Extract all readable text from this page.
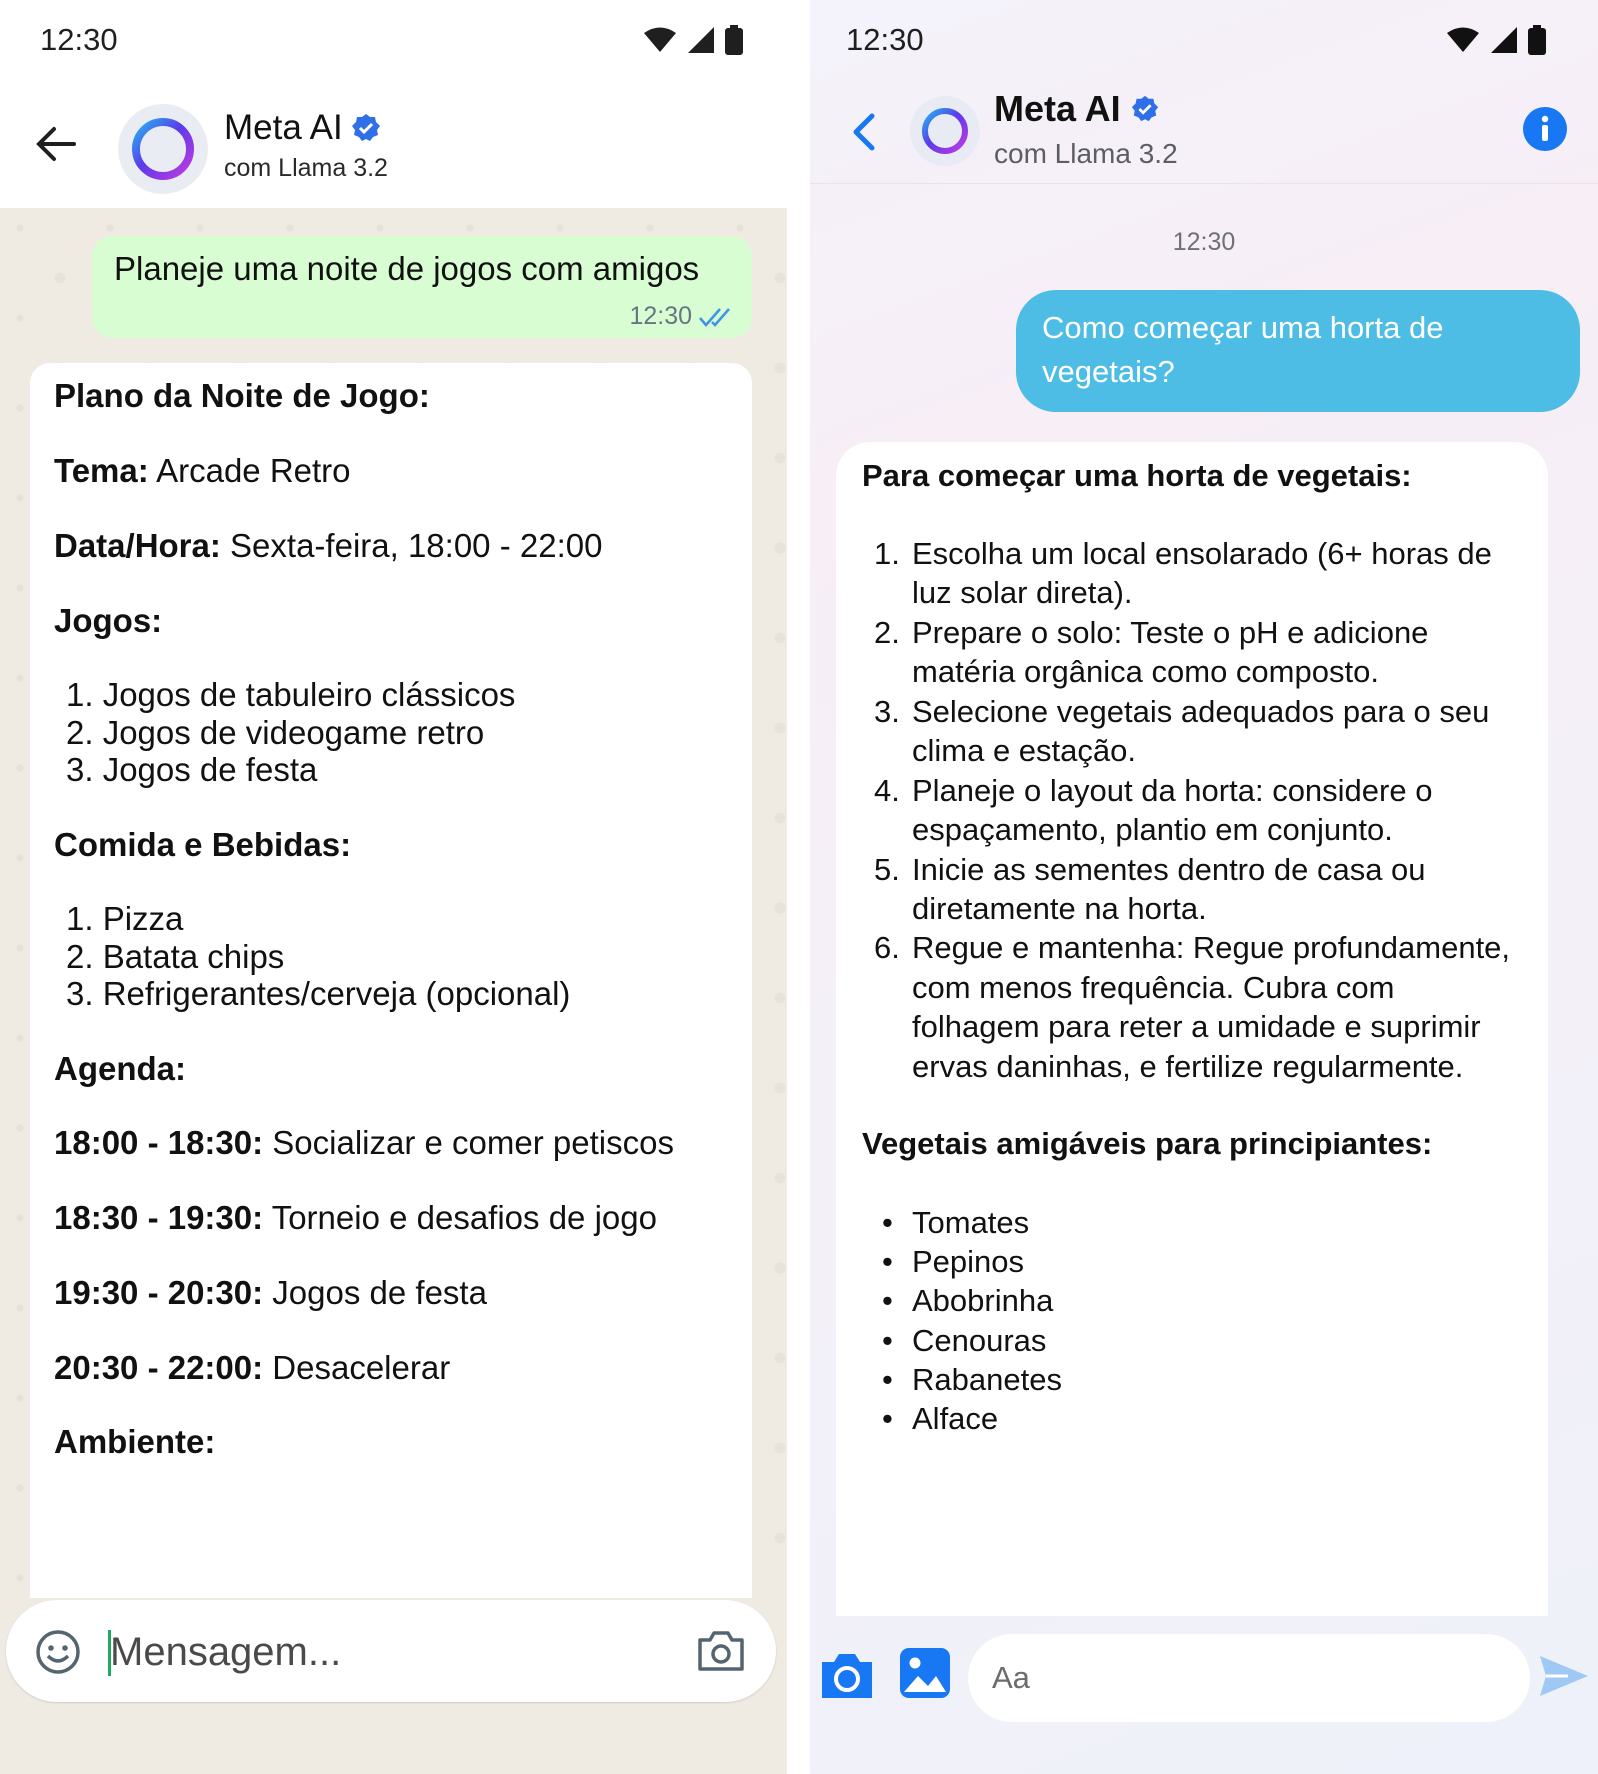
12:30
Meta AI
com Llama 3.2
Planeje uma noite de jogos com amigos
12:30
Plano da Noite de Jogo:
Tema: Arcade Retro
Data/Hora: Sexta-feira, 18:00 - 22:00
Jogos:
1. Jogos de tabuleiro clássicos
2. Jogos de videogame retro
3. Jogos de festa
Comida e Bebidas:
1. Pizza
2. Batata chips
3. Refrigerantes/cerveja (opcional)
Agenda:
18:00 - 18:30: Socializar e comer petiscos
18:30 - 19:30: Torneio e desafios de jogo
19:30 - 20:30: Jogos de festa
20:30 - 22:00: Desacelerar
Ambiente:
Mensagem...
12:30
Meta AI
com Llama 3.2
12:30
Como começar uma horta de
vegetais?
Para começar uma horta de vegetais:
1. Escolha um local ensolarado (6+ horas de
luz solar direta).
2. Prepare o solo: Teste o pH e adicione
matéria orgânica como composto.
3. Selecione vegetais adequados para o seu
clima e estação.
4. Planeje o layout da horta: considere o
espaçamento, plantio em conjunto.
5. Inicie as sementes dentro de casa ou
diretamente na horta.
6. Regue e mantenha: Regue profundamente,
com menos frequência. Cubra com
folhagem para reter a umidade e suprimir
ervas daninhas, e fertilize regularmente.
Vegetais amigáveis para principiantes:
• Tomates
• Pepinos
• Abobrinha
• Cenouras
• Rabanetes
• Alface
Aa
